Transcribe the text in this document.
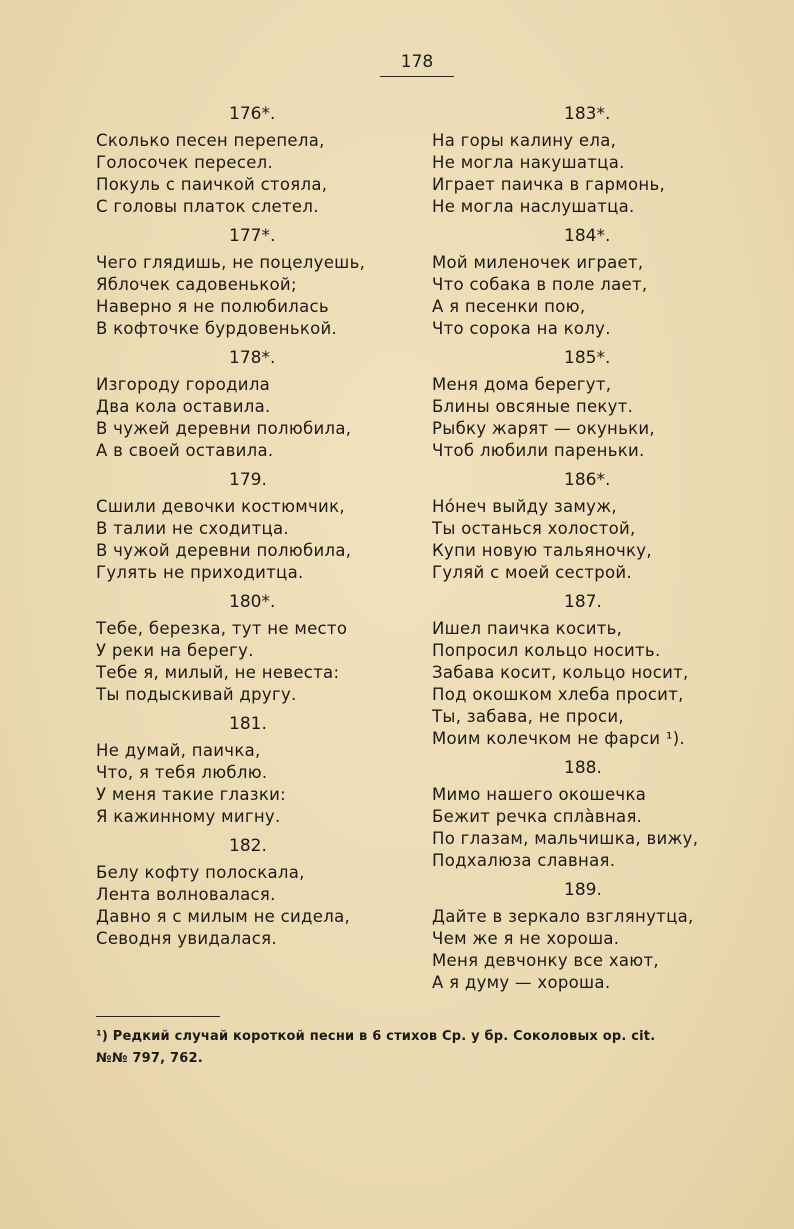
178
176*.
Сколько песен перепела,
Голосочек пересел.
Покуль с паичкой стояла,
С головы платок слетел.
177*.
Чего глядишь, не поцелуешь,
Яблочек садовенькой;
Наверно я не полюбилась
В кофточке бурдовенькой.
178*.
Изгороду городила
Два кола оставила.
В чужей деревни полюбила,
А в своей оставила.
179.
Сшили девочки костюмчик,
В талии не сходитца.
В чужой деревни полюбила,
Гулять не приходитца.
180*.
Тебе, березка, тут не место
У реки на берегу.
Тебе я, милый, не невеста:
Ты подыскивай другу.
181.
Не думай, паичка,
Что, я тебя люблю.
У меня такие глазки:
Я кажинному мигну.
182.
Белу кофту полоскала,
Лента волновалася.
Давно я с милым не сидела,
Севодня увидалася.
183*.
На горы калину ела,
Не могла накушатца.
Играет паичка в гармонь,
Не могла наслушатца.
184*.
Мой миленочек играет,
Что собака в поле лает,
А я песенки пою,
Что сорока на колу.
185*.
Меня дома берегут,
Блины овсяные пекут.
Рыбку жарят — окуньки,
Чтоб любили пареньки.
186*.
Нóнеч выйду замуж,
Ты останься холостой,
Купи новую тальяночку,
Гуляй с моей сестрой.
187.
Ишел паичка косить,
Попросил кольцо носить.
Забава косит, кольцо носит,
Под окошком хлеба просит,
Ты, забава, не проси,
Моим колечком не фарси ¹).
188.
Мимо нашего окошечка
Бежит речка сплàвная.
По глазам, мальчишка, вижу,
Подхалюза славная.
189.
Дайте в зеркало взглянутца,
Чем же я не хороша.
Меня девчонку все хают,
А я думу — хороша.
¹) Редкий случай короткой песни в 6 стихов Ср. у бр. Соколовых op. cit.
№№ 797, 762.
